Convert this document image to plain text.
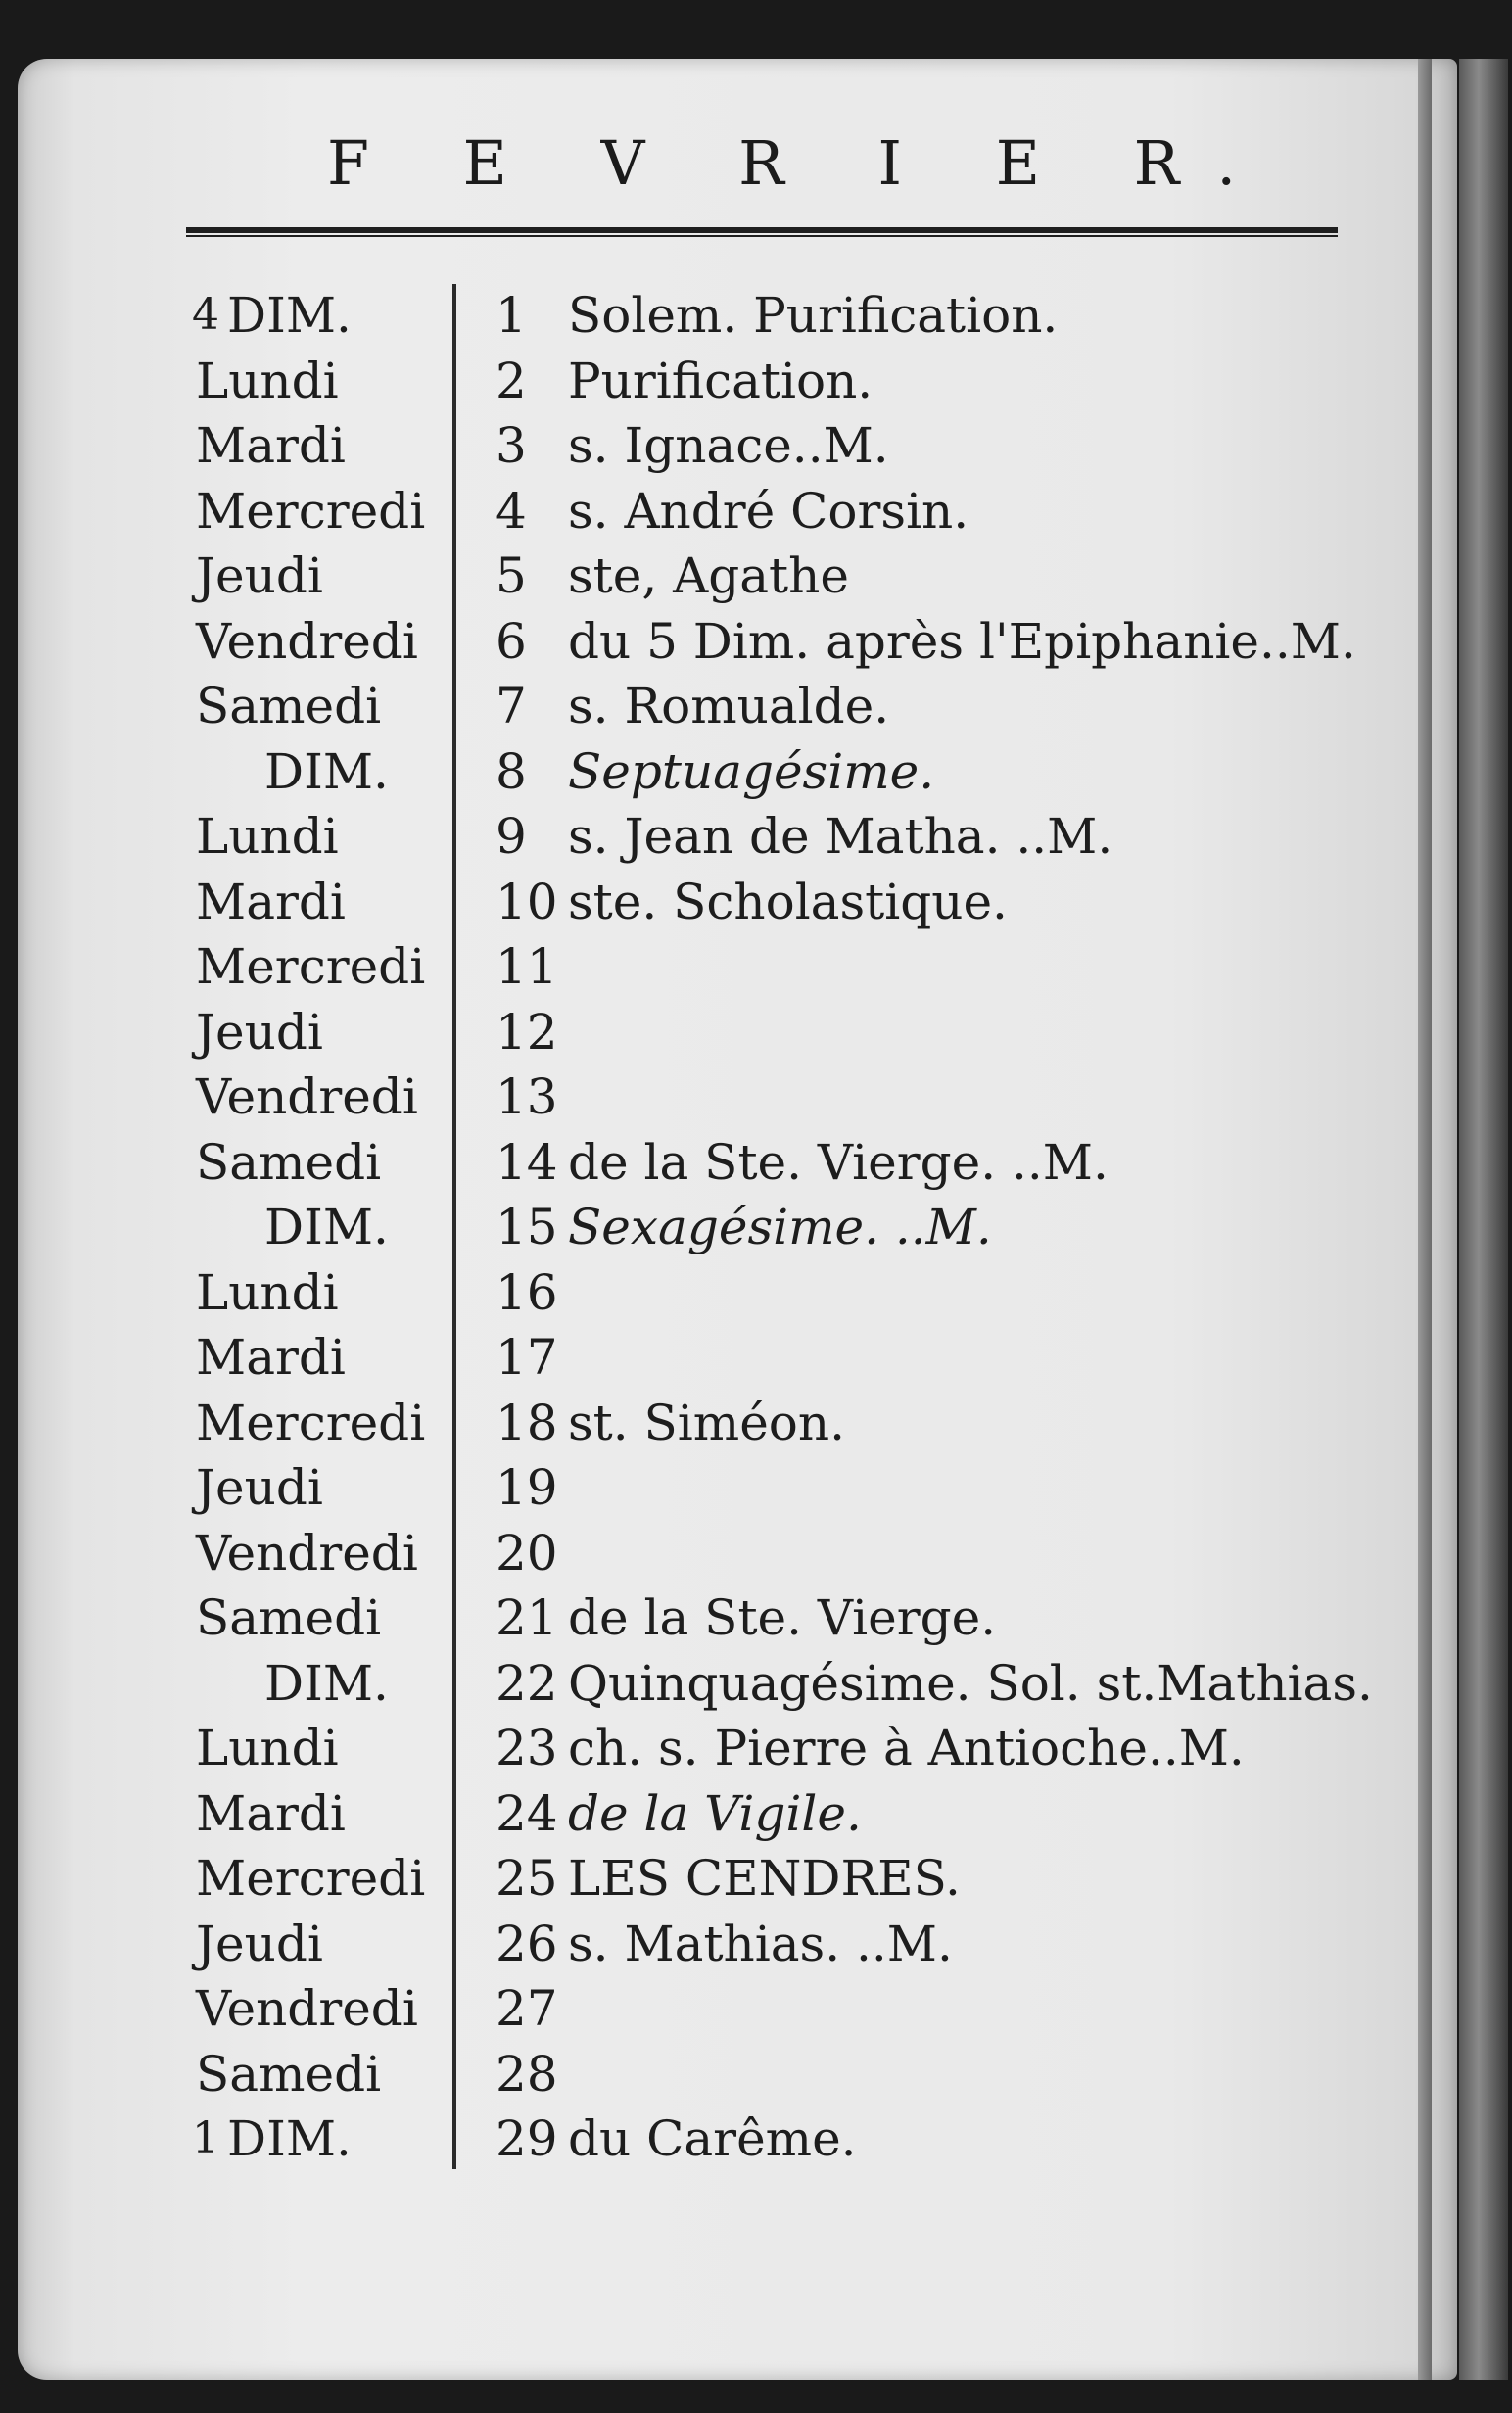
F E V R I E R.
4 DIM.	1 Solem. Purification.
Lundi	2 Purification.
Mardi	3 s. Ignace..M.
Mercredi	4 s. André Corsin.
Jeudi	5 ste, Agathe
Vendredi	6 du 5 Dim. après l'Epiphanie..M.
Samedi	7 s. Romualde.
DIM.	8 Septuagésime.
Lundi	9 s. Jean de Matha. ..M.
Mardi	10 ste. Scholastique.
Mercredi	11
Jeudi	12
Vendredi	13
Samedi	14 de la Ste. Vierge. ..M.
DIM.	15 Sexagésime. ..M.
Lundi	16
Mardi	17
Mercredi	18 st. Siméon.
Jeudi	19
Vendredi	20
Samedi	21 de la Ste. Vierge.
DIM.	22 Quinquagésime. Sol. st.Mathias.
Lundi	23 ch. s. Pierre à Antioche..M.
Mardi	24 de la Vigile.
Mercredi	25 LES CENDRES.
Jeudi	26 s. Mathias. ..M.
Vendredi	27
Samedi	28
1 DIM.	29 du Carême.
